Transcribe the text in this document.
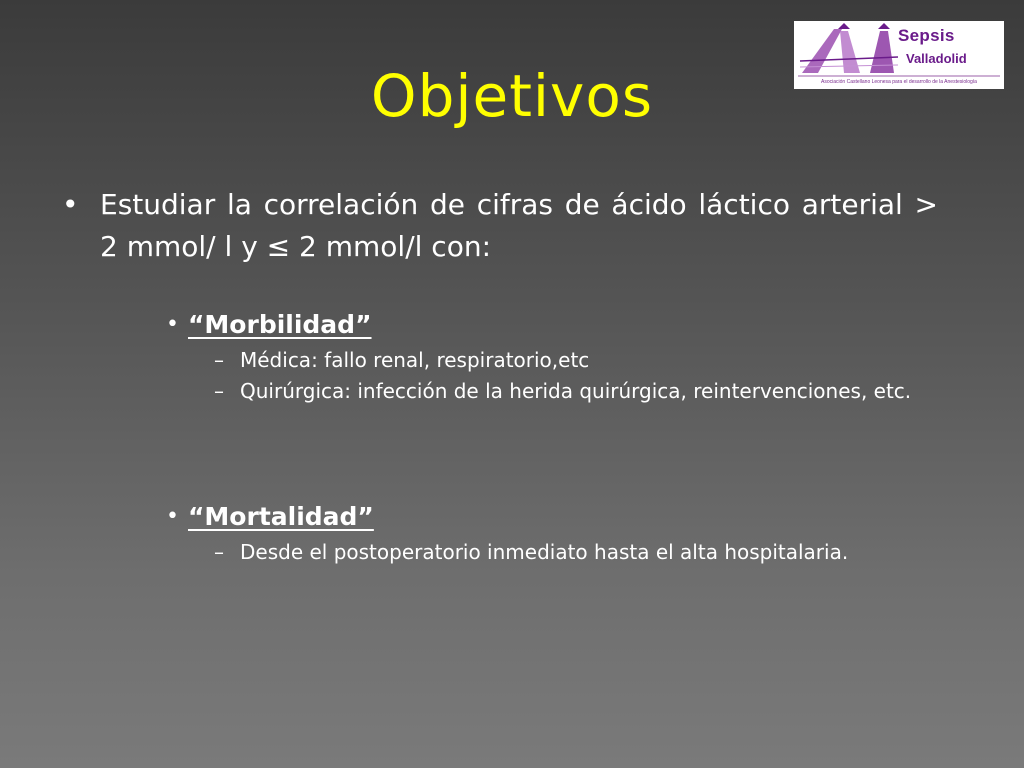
Sepsis
Valladolid
Asociación Castellano Leonesa para el desarrollo de la Anestesiología
Objetivos
• Estudiar la correlación de cifras de ácido láctico arterial > 2 mmol/ l y ≤ 2 mmol/l con:
• “Morbilidad”
– Médica: fallo renal, respiratorio,etc
– Quirúrgica: infección de la herida quirúrgica, reintervenciones, etc.
• “Mortalidad”
– Desde el postoperatorio inmediato hasta el alta hospitalaria.
